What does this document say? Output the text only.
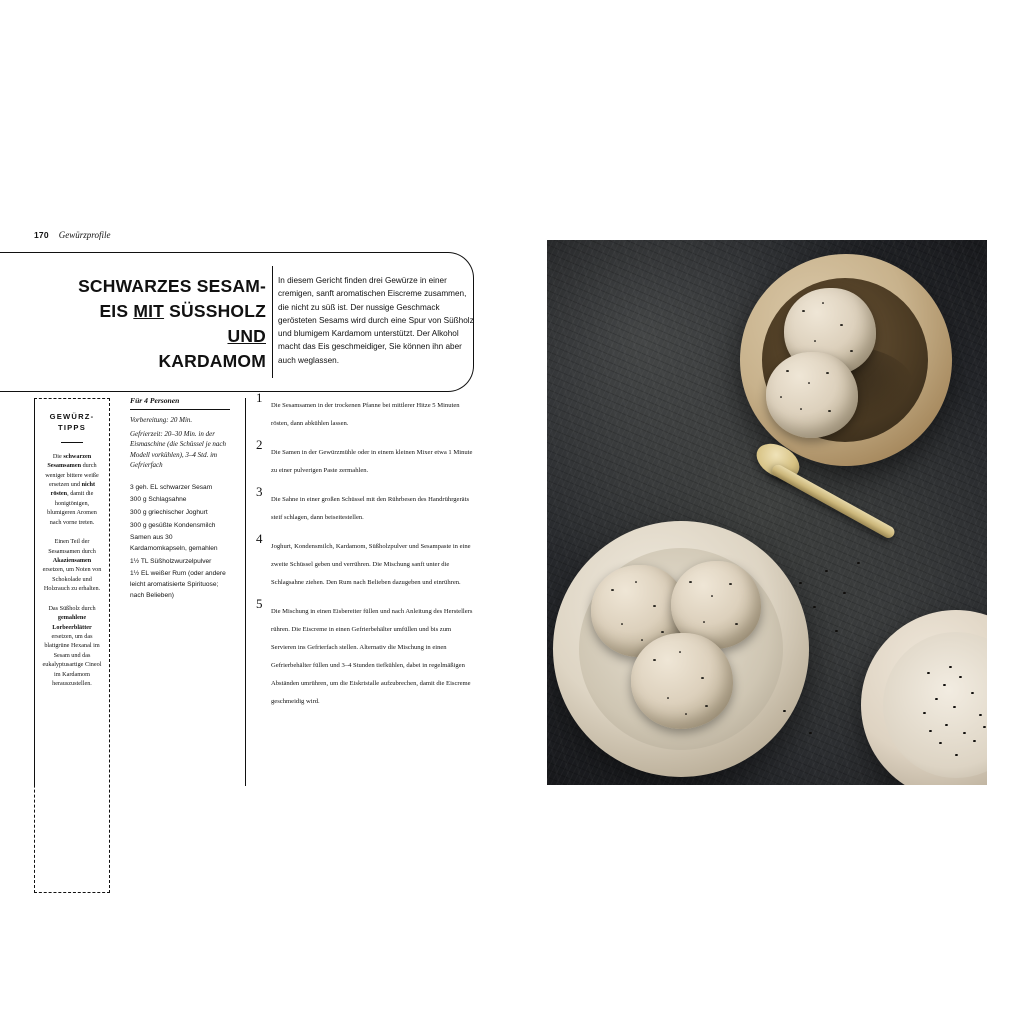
170 Gewürzprofile
SCHWARZES SESAM-
EIS MIT SÜSSHOLZ UND
KARDAMOM
In diesem Gericht finden drei Gewürze in einer cremigen, sanft aromatischen Eiscreme zusammen, die nicht zu süß ist. Der nussige Geschmack gerösteten Sesams wird durch eine Spur von Süßholz und blumigem Kardamom unterstützt. Der Alkohol macht das Eis geschmeidiger, Sie können ihn aber auch weglassen.
GEWÜRZ-
TIPPS

Die schwarzen Sesamsamen durch weniger bittere weiße ersetzen und nicht rösten, damit die honigtönigen, blumigeren Aromen nach vorne treten.

Einen Teil der Sesamsamen durch Akaziensamen ersetzen, um Noten von Schokolade und Holzrauch zu erhalten.

Das Süßholz durch gemahlene Lorbeerblätter ersetzen, um das blattgrüne Hexanal im Sesam und das eukalyptusartige Cineol im Kardamom herauszustellen.

Für 4 Personen
Vorbereitung: 20 Min.
Gefrierzeit: 20–30 Min. in der Eismaschine (die Schüssel je nach Modell vorkühlen), 3–4 Std. im Gefrierfach
3 geh. EL schwarzer Sesam
300 g Schlagsahne
300 g griechischer Joghurt
300 g gesüßte Kondensmilch
Samen aus 30 Kardamomkapseln, gemahlen
1½ TL Süßholzwurzelpulver
1½ EL weißer Rum (oder andere leicht aromatisierte Spirituose; nach Belieben)
1
Die Sesamsamen in der trockenen Pfanne bei mittlerer Hitze 5 Minuten rösten, dann abkühlen lassen.
2
Die Samen in der Gewürzmühle oder in einem kleinen Mixer etwa 1 Minute zu einer pulverigen Paste zermahlen.
3
Die Sahne in einer großen Schüssel mit den Rührbesen des Handrührgeräts steif schlagen, dann beiseitestellen.
4
Joghurt, Kondensmilch, Kardamom, Süßholzpulver und Sesampaste in eine zweite Schüssel geben und verrühren. Die Mischung sanft unter die Schlagsahne ziehen. Den Rum nach Belieben dazugeben und einrühren.
5
Die Mischung in einen Eisbereiter füllen und nach Anleitung des Herstellers rühren. Die Eiscreme in einen Gefrierbehälter umfüllen und bis zum Servieren ins Gefrierfach stellen. Alternativ die Mischung in einen Gefrierbehälter füllen und 3–4 Stunden tiefkühlen, dabei in regelmäßigen Abständen umrühren, um die Eiskristalle aufzubrechen, damit die Eiscreme geschmeidig wird.
